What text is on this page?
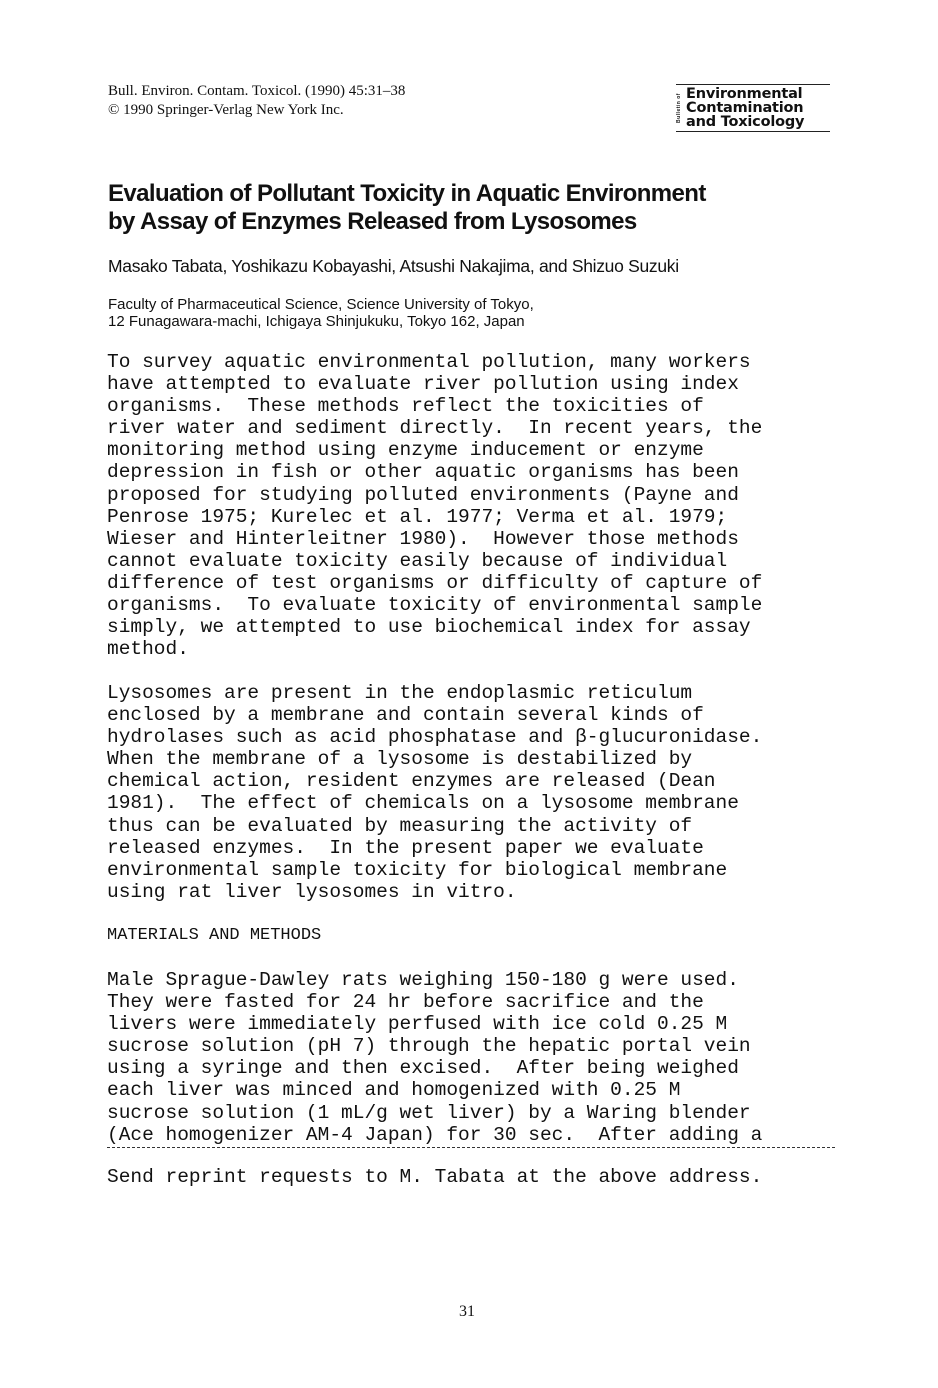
Bull. Environ. Contam. Toxicol. (1990) 45:31–38
© 1990 Springer-Verlag New York Inc.	Bulletin of Environmental
Contamination
and Toxicology
Evaluation of Pollutant Toxicity in Aquatic Environment
by Assay of Enzymes Released from Lysosomes
Masako Tabata, Yoshikazu Kobayashi, Atsushi Nakajima, and Shizuo Suzuki
Faculty of Pharmaceutical Science, Science University of Tokyo,
12 Funagawara-machi, Ichigaya Shinjukuku, Tokyo 162, Japan
To survey aquatic environmental pollution, many workers
have attempted to evaluate river pollution using index
organisms.  These methods reflect the toxicities of
river water and sediment directly.  In recent years, the
monitoring method using enzyme inducement or enzyme
depression in fish or other aquatic organisms has been
proposed for studying polluted environments (Payne and
Penrose 1975; Kurelec et al. 1977; Verma et al. 1979;
Wieser and Hinterleitner 1980).  However those methods
cannot evaluate toxicity easily because of individual
difference of test organisms or difficulty of capture of
organisms.  To evaluate toxicity of environmental sample
simply, we attempted to use biochemical index for assay
method.
Lysosomes are present in the endoplasmic reticulum
enclosed by a membrane and contain several kinds of
hydrolases such as acid phosphatase and β-glucuronidase.
When the membrane of a lysosome is destabilized by
chemical action, resident enzymes are released (Dean
1981).  The effect of chemicals on a lysosome membrane
thus can be evaluated by measuring the activity of
released enzymes.  In the present paper we evaluate
environmental sample toxicity for biological membrane
using rat liver lysosomes in vitro.
MATERIALS AND METHODS
Male Sprague-Dawley rats weighing 150-180 g were used.
They were fasted for 24 hr before sacrifice and the
livers were immediately perfused with ice cold 0.25 M
sucrose solution (pH 7) through the hepatic portal vein
using a syringe and then excised.  After being weighed
each liver was minced and homogenized with 0.25 M
sucrose solution (1 mL/g wet liver) by a Waring blender
(Ace homogenizer AM-4 Japan) for 30 sec.  After adding a
Send reprint requests to M. Tabata at the above address.
31
